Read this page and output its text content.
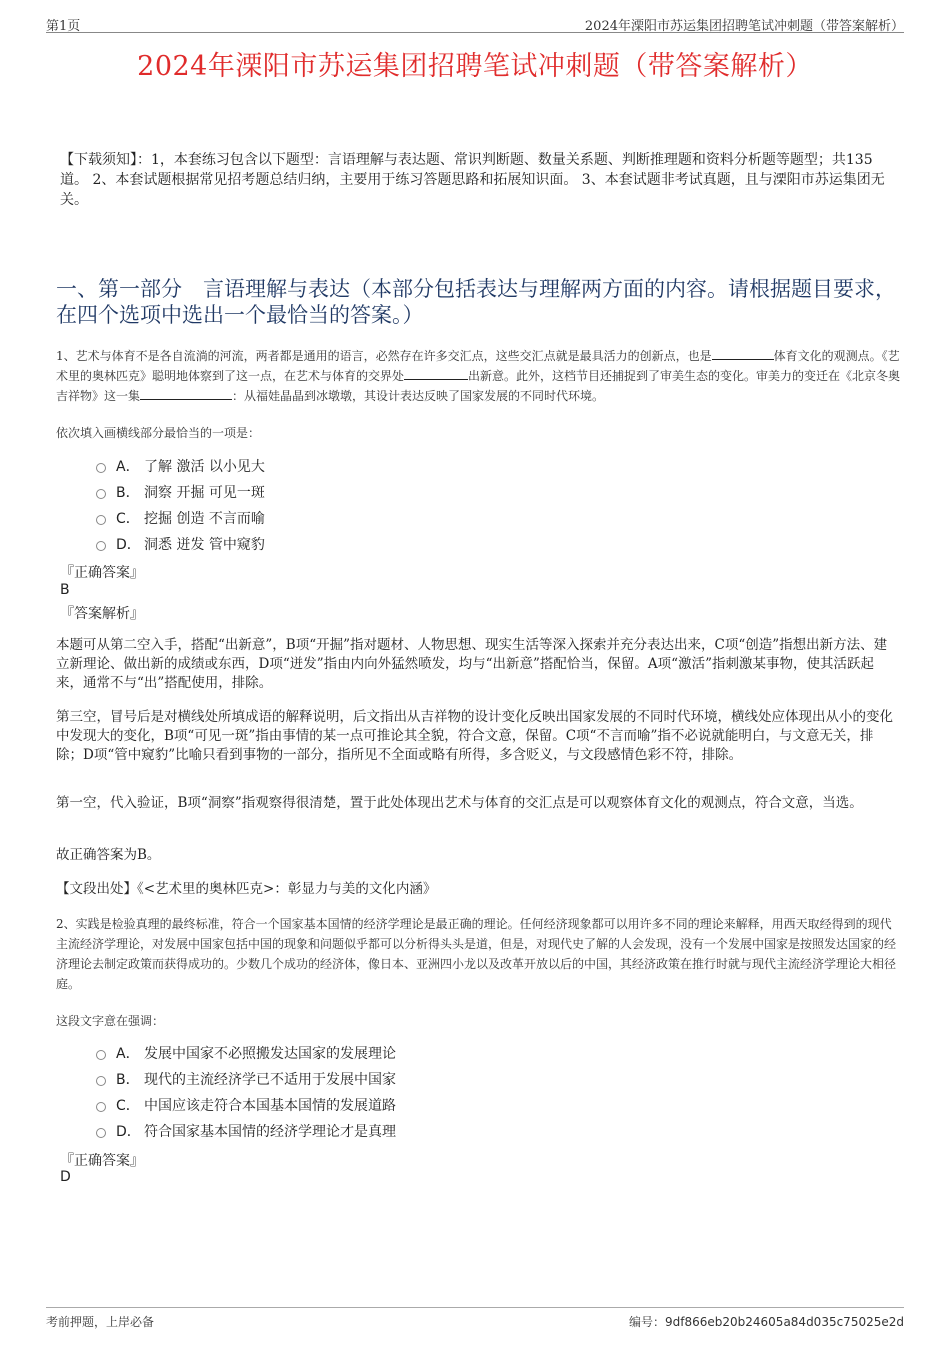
第1页	2024年溧阳市苏运集团招聘笔试冲刺题（带答案解析）
2024年溧阳市苏运集团招聘笔试冲刺题（带答案解析）
【下载须知】：1，本套练习包含以下题型：言语理解与表达题、常识判断题、数量关系题、判断推理题和资料分析题等题型；共135道。 2、本套试题根据常见招考题总结归纳，主要用于练习答题思路和拓展知识面。 3、本套试题非考试真题，且与溧阳市苏运集团无关。
一、第一部分　言语理解与表达（本部分包括表达与理解两方面的内容。请根据题目要求，在四个选项中选出一个最恰当的答案。）
1、艺术与体育不是各自流淌的河流，两者都是通用的语言，必然存在许多交汇点，这些交汇点就是最具活力的创新点，也是	体育文化的观测点。《艺术里的奥林匹克》聪明地体察到了这一点，在艺术与体育的交界处	出新意。此外，这档节目还捕捉到了审美生态的变化。审美力的变迁在《北京冬奥吉祥物》这一集	：从福娃晶晶到冰墩墩，其设计表达反映了国家发展的不同时代环境。
依次填入画横线部分最恰当的一项是：
A． 了解 激活 以小见大
B． 洞察 开掘 可见一斑
C． 挖掘 创造 不言而喻
D． 洞悉 迸发 管中窥豹
『正确答案』
B
『答案解析』
本题可从第二空入手，搭配“出新意”，B项“开掘”指对题材、人物思想、现实生活等深入探索并充分表达出来，C项“创造”指想出新方法、建立新理论、做出新的成绩或东西，D项“迸发”指由内向外猛然喷发，均与“出新意”搭配恰当，保留。A项“激活”指刺激某事物，使其活跃起来，通常不与“出”搭配使用，排除。
第三空，冒号后是对横线处所填成语的解释说明，后文指出从吉祥物的设计变化反映出国家发展的不同时代环境，横线处应体现出从小的变化中发现大的变化，B项“可见一斑”指由事情的某一点可推论其全貌，符合文意，保留。C项“不言而喻”指不必说就能明白，与文意无关，排除；D项“管中窥豹”比喻只看到事物的一部分，指所见不全面或略有所得，多含贬义，与文段感情色彩不符，排除。
第一空，代入验证，B项“洞察”指观察得很清楚，置于此处体现出艺术与体育的交汇点是可以观察体育文化的观测点，符合文意，当选。
故正确答案为B。
【文段出处】《<艺术里的奥林匹克>：彰显力与美的文化内涵》
2、实践是检验真理的最终标准，符合一个国家基本国情的经济学理论是最正确的理论。任何经济现象都可以用许多不同的理论来解释，用西天取经得到的现代主流经济学理论，对发展中国家包括中国的现象和问题似乎都可以分析得头头是道，但是，对现代史了解的人会发现，没有一个发展中国家是按照发达国家的经济理论去制定政策而获得成功的。少数几个成功的经济体，像日本、亚洲四小龙以及改革开放以后的中国，其经济政策在推行时就与现代主流经济学理论大相径庭。
这段文字意在强调：
A． 发展中国家不必照搬发达国家的发展理论
B． 现代的主流经济学已不适用于发展中国家
C． 中国应该走符合本国基本国情的发展道路
D． 符合国家基本国情的经济学理论才是真理
『正确答案』
D
考前押题，上岸必备	编号：9df866eb20b24605a84d035c75025e2d
